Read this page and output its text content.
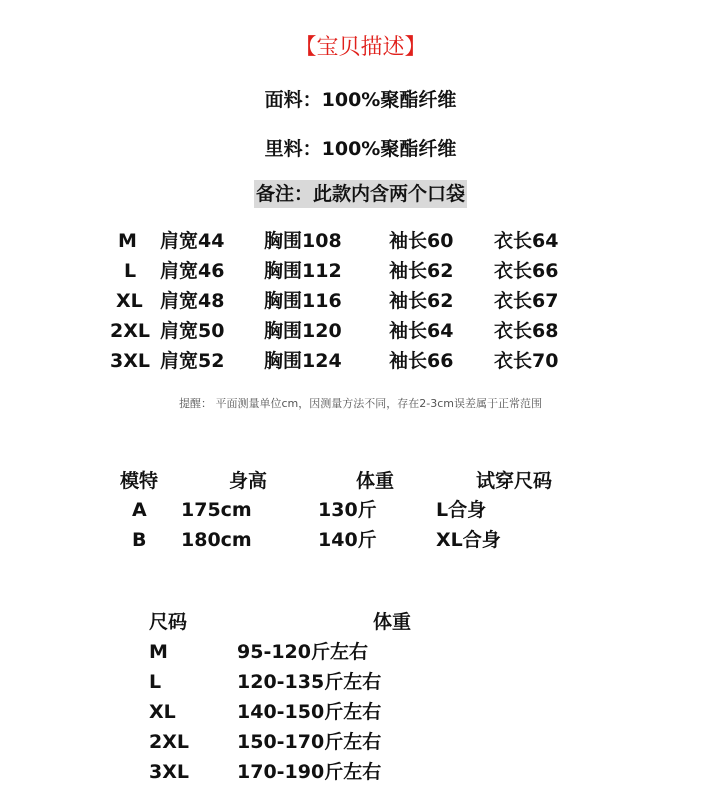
【宝贝描述】
面料：100%聚酯纤维
里料：100%聚酯纤维
备注：此款内含两个口袋
M 肩宽44 胸围108 袖长60 衣长64
L 肩宽46 胸围112 袖长62 衣长66
XL 肩宽48 胸围116 袖长62 衣长67
2XL 肩宽50 胸围120 袖长64 衣长68
3XL 肩宽52 胸围124 袖长66 衣长70
提醒： 平面测量单位cm，因测量方法不同，存在2-3cm误差属于正常范围
模特	身高	体重	试穿尺码
A 175cm	130斤	L合身
B 180cm	140斤	XL合身
尺码	体重
M	95-120斤左右
L	120-135斤左右
XL	140-150斤左右
2XL	150-170斤左右
3XL	170-190斤左右
